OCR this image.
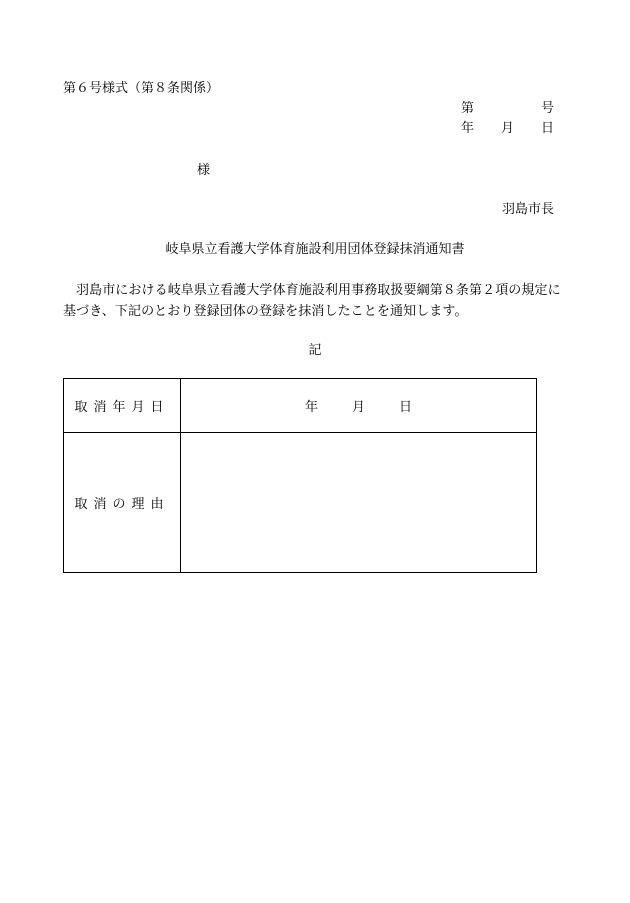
第６号様式（第８条関係）
第	号
年 月 日
様
羽島市長
岐阜県立看護大学体育施設利用団体登録抹消通知書
羽島市における岐阜県立看護大学体育施設利用事務取扱要綱第８条第２項の規定に基づき、下記のとおり登録団体の登録を抹消したことを通知します。
記
取消年月日	年 月 日

取消の理由	
